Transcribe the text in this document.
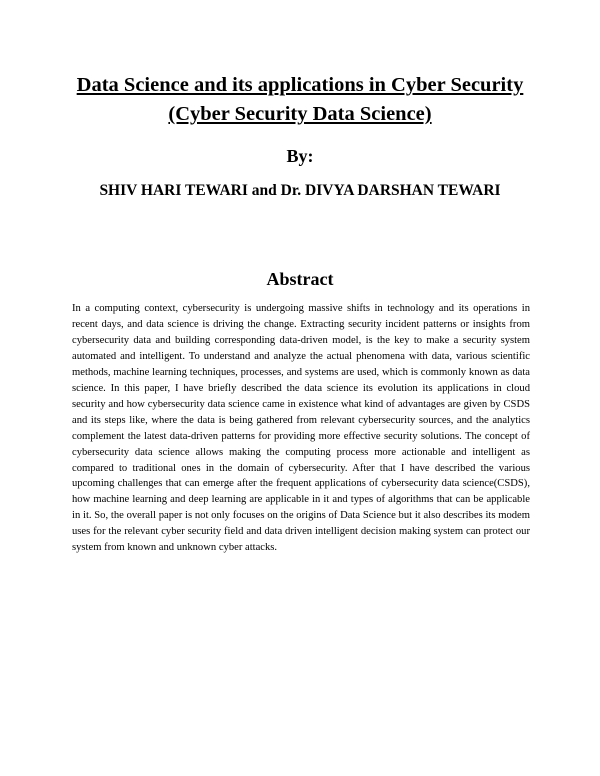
Data Science and its applications in Cyber Security (Cyber Security Data Science)
By:
SHIV HARI TEWARI and Dr. DIVYA DARSHAN TEWARI
Abstract
In a computing context, cybersecurity is undergoing massive shifts in technology and its operations in recent days, and data science is driving the change. Extracting security incident patterns or insights from cybersecurity data and building corresponding data-driven model, is the key to make a security system automated and intelligent. To understand and analyze the actual phenomena with data, various scientific methods, machine learning techniques, processes, and systems are used, which is commonly known as data science. In this paper, I have briefly described the data science its evolution its applications in cloud security and how cybersecurity data science came in existence what kind of advantages are given by CSDS and its steps like, where the data is being gathered from relevant cybersecurity sources, and the analytics complement the latest data-driven patterns for providing more effective security solutions. The concept of cybersecurity data science allows making the computing process more actionable and intelligent as compared to traditional ones in the domain of cybersecurity. After that I have described the various upcoming challenges that can emerge after the frequent applications of cybersecurity data science(CSDS), how machine learning and deep learning are applicable in it and types of algorithms that can be applicable in it. So, the overall paper is not only focuses on the origins of Data Science but it also describes its modem uses for the relevant cyber security field and data driven intelligent decision making system can protect our system from known and unknown cyber attacks.
